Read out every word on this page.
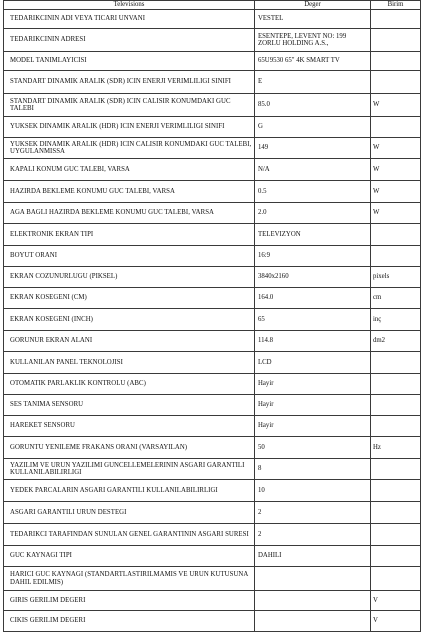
Televisions	Deger	Birim

TEDARIKCININ ADI VEYA TICARI UNVANI	VESTEL	

TEDARIKCININ ADRESI	ESENTEPE, LEVENT NO: 199 ZORLU HOLDING A.S.,	

MODEL TANIMLAYICISI	65U9530 65" 4K SMART TV	

STANDART DINAMIK ARALIK (SDR) ICIN ENERJI VERIMLILIGI SINIFI	E	

STANDART DINAMIK ARALIK (SDR) ICIN CALISIR KONUMDAKI GUC TALEBI	85.0	W

YUKSEK DINAMIK ARALIK (HDR) ICIN ENERJI VERIMLILIGI SINIFI	G	

YUKSEK DINAMIK ARALIK (HDR) ICIN CALISIR KONUMDAKI GUC TALEBI, UYGULANMISSA	149	W

KAPALI KONUM GUC TALEBI, VARSA	N/A	W

HAZIRDA BEKLEME KONUMU GUC TALEBI, VARSA	0.5	W

AGA BAGLI HAZIRDA BEKLEME KONUMU GUC TALEBI, VARSA	2.0	W

ELEKTRONIK EKRAN TIPI	TELEVIZYON	

BOYUT ORANI	16:9	

EKRAN COZUNURLUGU (PIKSEL)	3840x2160	pixels

EKRAN KOSEGENI (CM)	164.0	cm

EKRAN KOSEGENI (INCH)	65	inç

GORUNUR EKRAN ALANI	114.8	dm2

KULLANILAN PANEL TEKNOLOJISI	LCD	

OTOMATIK PARLAKLIK KONTROLU (ABC)	Hayir	

SES TANIMA SENSORU	Hayir	

HAREKET SENSORU	Hayir	

GORUNTU YENILEME FRAKANS ORANI (VARSAYILAN)	50	Hz

YAZILIM VE URUN YAZILIMI GUNCELLEMELERININ ASGARI GARANTILI KULLANILABILIRLIGI	8	

YEDEK PARCALARIN ASGARI GARANTILI KULLANILABILIRLIGI	10	

ASGARI GARANTILI URUN DESTEGI	2	

TEDARIKCI TARAFINDAN SUNULAN GENEL GARANTININ ASGARI SURESI	2	

GUC KAYNAGI TIPI	DAHILI	

HARICI GUC KAYNAGI (STANDARTLASTIRILMAMIS VE URUN KUTUSUNA DAHIL EDILMIS)		

GIRIS GERILIM DEGERI		V

CIKIS GERILIM DEGERI		V
